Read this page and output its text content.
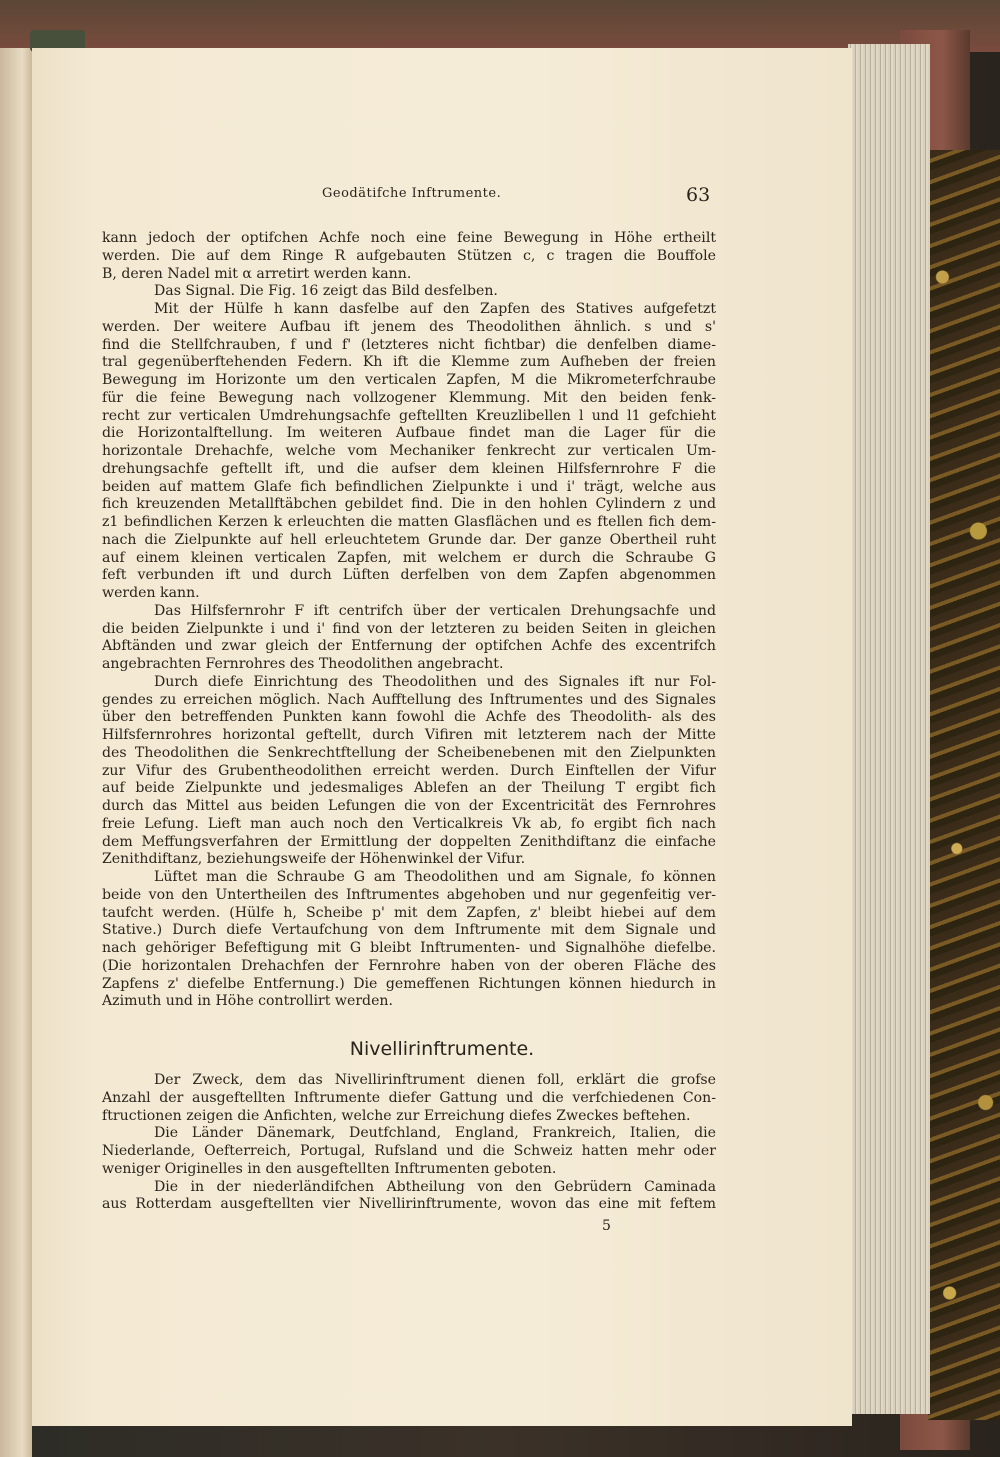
Geodätifche Inftrumente.	63
kann jedoch der optifchen Achfe noch eine feine Bewegung in Höhe ertheilt
werden. Die auf dem Ringe R aufgebauten Stützen c, c tragen die Bouffole
B, deren Nadel mit α arretirt werden kann.
Das Signal. Die Fig. 16 zeigt das Bild desfelben.
Mit der Hülfe h kann dasfelbe auf den Zapfen des Statives aufgefetzt
werden. Der weitere Aufbau ift jenem des Theodolithen ähnlich. s und s'
find die Stellfchrauben, f und f' (letzteres nicht fichtbar) die denfelben diame-
tral gegenüberftehenden Federn. Kh ift die Klemme zum Aufheben der freien
Bewegung im Horizonte um den verticalen Zapfen, M die Mikrometerfchraube
für die feine Bewegung nach vollzogener Klemmung. Mit den beiden fenk-
recht zur verticalen Umdrehungsachfe geftellten Kreuzlibellen l und l1 gefchieht
die Horizontalftellung. Im weiteren Aufbaue findet man die Lager für die
horizontale Drehachfe, welche vom Mechaniker fenkrecht zur verticalen Um-
drehungsachfe geftellt ift, und die aufser dem kleinen Hilfsfernrohre F die
beiden auf mattem Glafe fich befindlichen Zielpunkte i und i' trägt, welche aus
fich kreuzenden Metallftäbchen gebildet find. Die in den hohlen Cylindern z und
z1 befindlichen Kerzen k erleuchten die matten Glasflächen und es ftellen fich dem-
nach die Zielpunkte auf hell erleuchtetem Grunde dar. Der ganze Obertheil ruht
auf einem kleinen verticalen Zapfen, mit welchem er durch die Schraube G
feft verbunden ift und durch Lüften derfelben von dem Zapfen abgenommen
werden kann.
Das Hilfsfernrohr F ift centrifch über der verticalen Drehungsachfe und
die beiden Zielpunkte i und i' find von der letzteren zu beiden Seiten in gleichen
Abftänden und zwar gleich der Entfernung der optifchen Achfe des excentrifch
angebrachten Fernrohres des Theodolithen angebracht.
Durch diefe Einrichtung des Theodolithen und des Signales ift nur Fol-
gendes zu erreichen möglich. Nach Aufftellung des Inftrumentes und des Signales
über den betreffenden Punkten kann fowohl die Achfe des Theodolith- als des
Hilfsfernrohres horizontal geftellt, durch Vifiren mit letzterem nach der Mitte
des Theodolithen die Senkrechtftellung der Scheibenebenen mit den Zielpunkten
zur Vifur des Grubentheodolithen erreicht werden. Durch Einftellen der Vifur
auf beide Zielpunkte und jedesmaliges Ablefen an der Theilung T ergibt fich
durch das Mittel aus beiden Lefungen die von der Excentricität des Fernrohres
freie Lefung. Lieft man auch noch den Verticalkreis Vk ab, fo ergibt fich nach
dem Meffungsverfahren der Ermittlung der doppelten Zenithdiftanz die einfache
Zenithdiftanz, beziehungsweife der Höhenwinkel der Vifur.
Lüftet man die Schraube G am Theodolithen und am Signale, fo können
beide von den Untertheilen des Inftrumentes abgehoben und nur gegenfeitig ver-
taufcht werden. (Hülfe h, Scheibe p' mit dem Zapfen, z' bleibt hiebei auf dem
Stative.) Durch diefe Vertaufchung von dem Inftrumente mit dem Signale und
nach gehöriger Befeftigung mit G bleibt Inftrumenten- und Signalhöhe diefelbe.
(Die horizontalen Drehachfen der Fernrohre haben von der oberen Fläche des
Zapfens z' diefelbe Entfernung.) Die gemeffenen Richtungen können hiedurch in
Azimuth und in Höhe controllirt werden.
Nivellirinftrumente.
Der Zweck, dem das Nivellirinftrument dienen foll, erklärt die grofse
Anzahl der ausgeftellten Inftrumente diefer Gattung und die verfchiedenen Con-
ftructionen zeigen die Anfichten, welche zur Erreichung diefes Zweckes beftehen.
Die Länder Dänemark, Deutfchland, England, Frankreich, Italien, die
Niederlande, Oefterreich, Portugal, Rufsland und die Schweiz hatten mehr oder
weniger Originelles in den ausgeftellten Inftrumenten geboten.
Die in der niederländifchen Abtheilung von den Gebrüdern Caminada
aus Rotterdam ausgeftellten vier Nivellirinftrumente, wovon das eine mit feftem
5
